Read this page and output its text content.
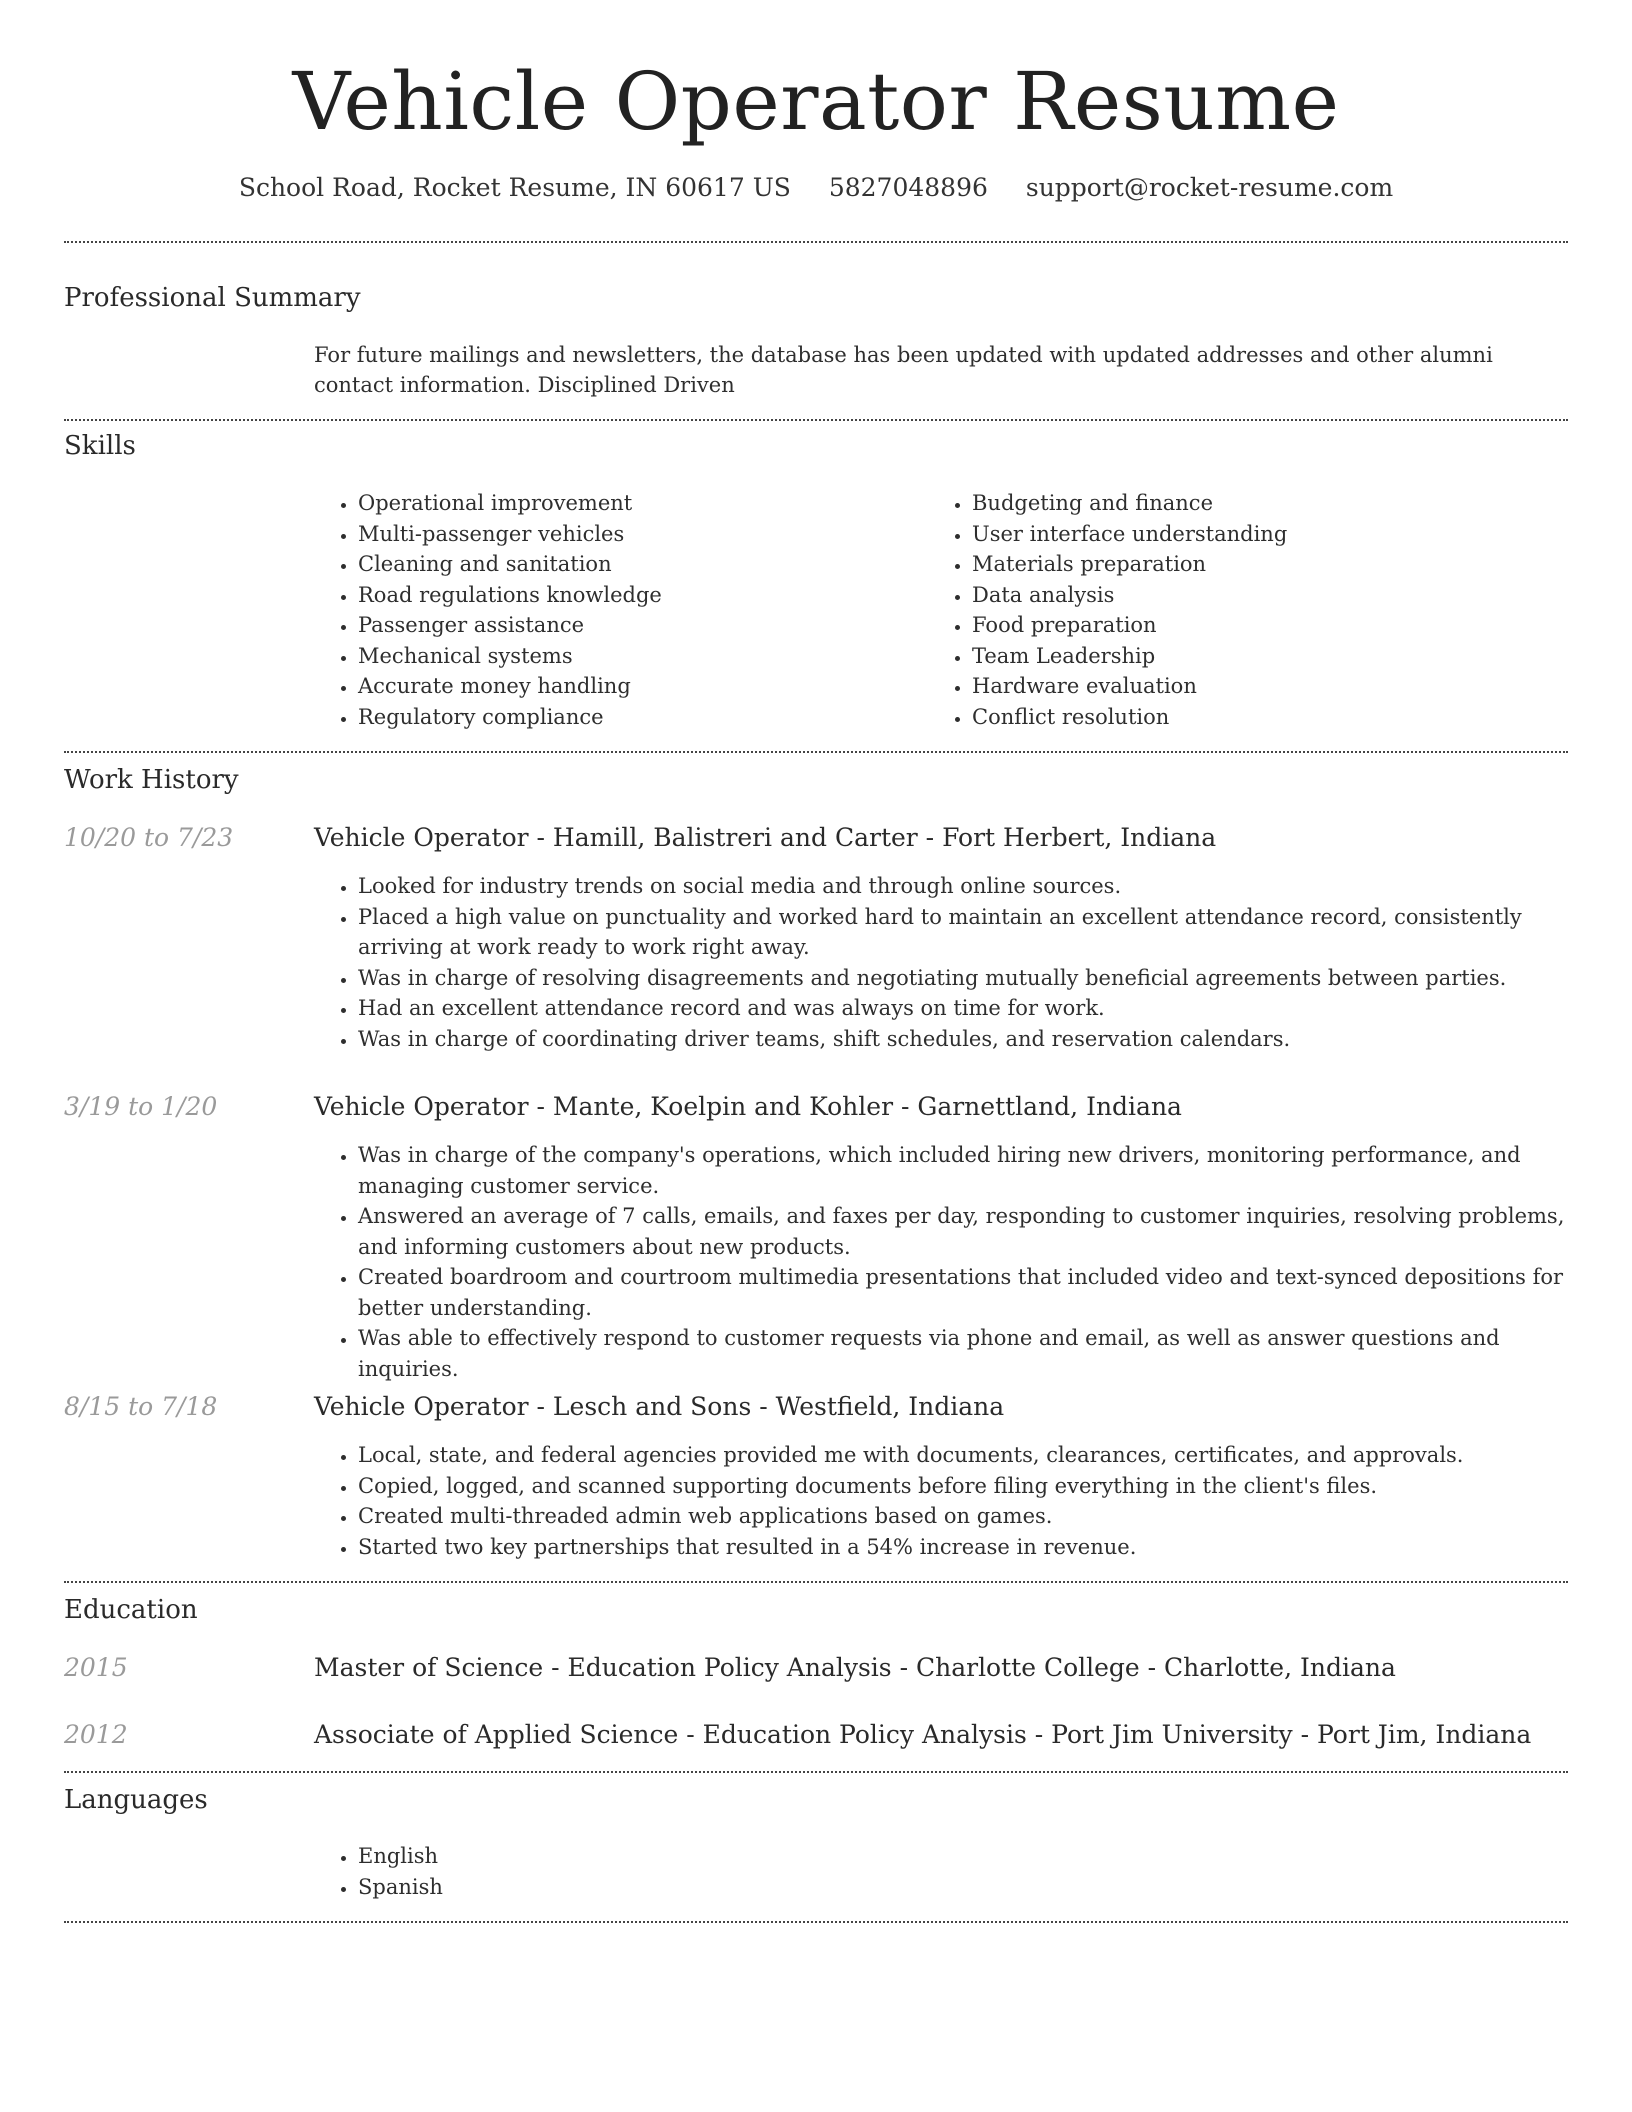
Vehicle Operator Resume
School Road, Rocket Resume, IN 60617 US 5827048896 support@rocket-resume.com
Professional Summary
For future mailings and newsletters, the database has been updated with updated addresses and other alumni contact information. Disciplined Driven
Skills
• Operational improvement
• Multi-passenger vehicles
• Cleaning and sanitation
• Road regulations knowledge
• Passenger assistance
• Mechanical systems
• Accurate money handling
• Regulatory compliance
• Budgeting and finance
• User interface understanding
• Materials preparation
• Data analysis
• Food preparation
• Team Leadership
• Hardware evaluation
• Conflict resolution
Work History
10/20 to 7/23	Vehicle Operator - Hamill, Balistreri and Carter - Fort Herbert, Indiana
• Looked for industry trends on social media and through online sources.
• Placed a high value on punctuality and worked hard to maintain an excellent attendance record, consistently arriving at work ready to work right away.
• Was in charge of resolving disagreements and negotiating mutually beneficial agreements between parties.
• Had an excellent attendance record and was always on time for work.
• Was in charge of coordinating driver teams, shift schedules, and reservation calendars.
3/19 to 1/20	Vehicle Operator - Mante, Koelpin and Kohler - Garnettland, Indiana
• Was in charge of the company's operations, which included hiring new drivers, monitoring performance, and managing customer service.
• Answered an average of 7 calls, emails, and faxes per day, responding to customer inquiries, resolving problems, and informing customers about new products.
• Created boardroom and courtroom multimedia presentations that included video and text-synced depositions for better understanding.
• Was able to effectively respond to customer requests via phone and email, as well as answer questions and inquiries.
8/15 to 7/18	Vehicle Operator - Lesch and Sons - Westfield, Indiana
• Local, state, and federal agencies provided me with documents, clearances, certificates, and approvals.
• Copied, logged, and scanned supporting documents before filing everything in the client's files.
• Created multi-threaded admin web applications based on games.
• Started two key partnerships that resulted in a 54% increase in revenue.
Education
2015	Master of Science - Education Policy Analysis - Charlotte College - Charlotte, Indiana
2012	Associate of Applied Science - Education Policy Analysis - Port Jim University - Port Jim, Indiana
Languages
• English
• Spanish
